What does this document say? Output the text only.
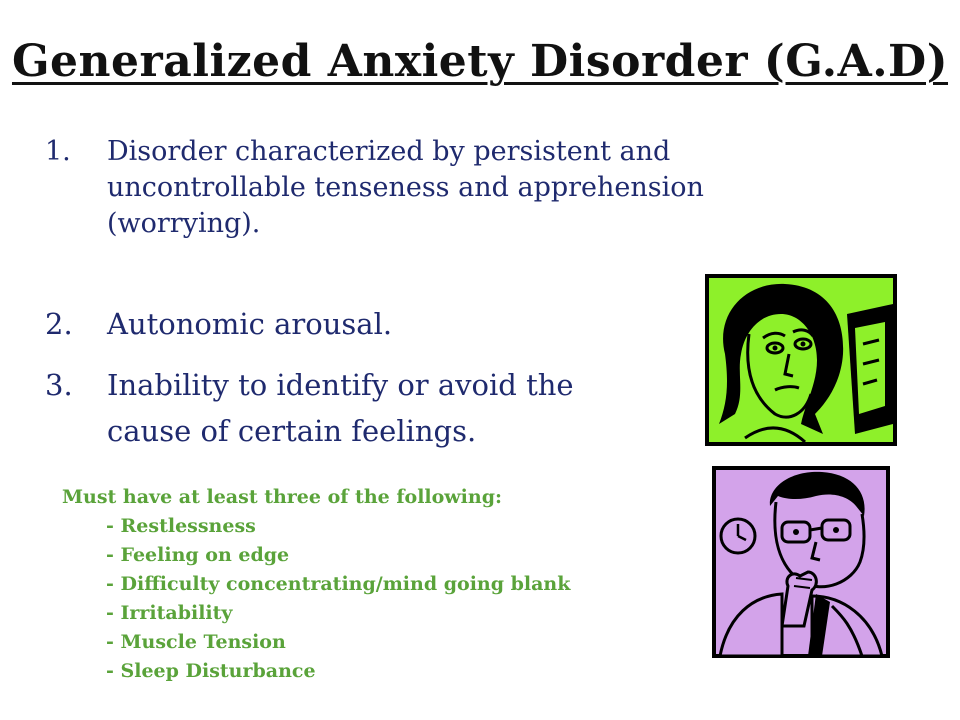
Generalized Anxiety Disorder (G.A.D)
1. Disorder characterized by persistent and uncontrollable tenseness and apprehension (worrying).
2. Autonomic arousal.
3. Inability to identify or avoid the cause of certain feelings.
Must have at least three of the following:
- Restlessness
- Feeling on edge
- Difficulty concentrating/mind going blank
- Irritability
- Muscle Tension
- Sleep Disturbance
